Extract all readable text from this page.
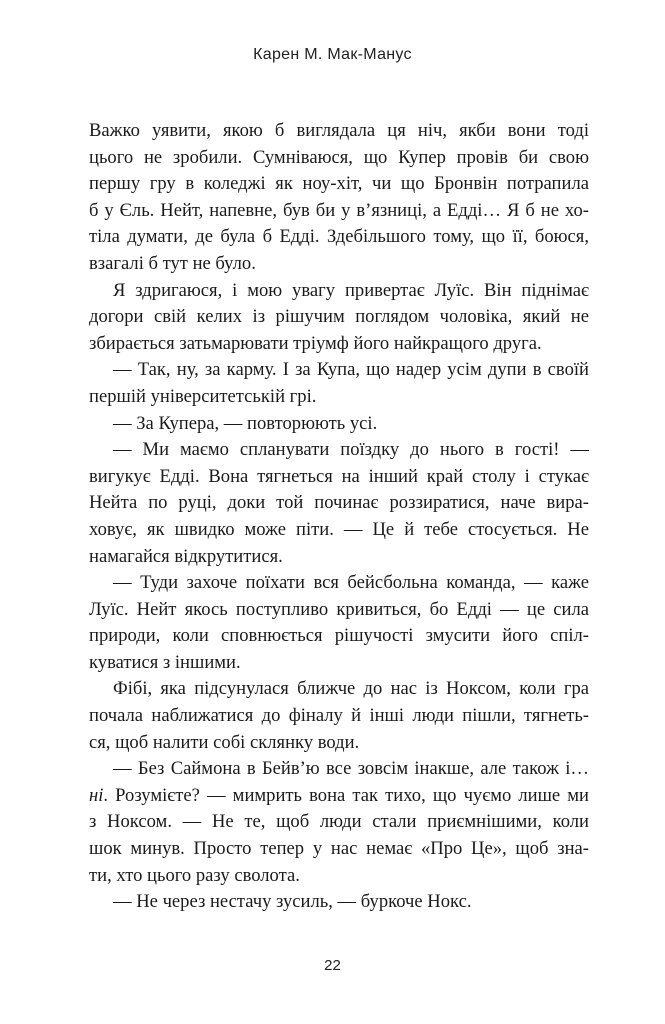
Карен М. Мак-Манус
Важко уявити, якою б виглядала ця ніч, якби вони тоді
цього не зробили. Сумніваюся, що Купер провів би свою
першу гру в коледжі як ноу-хіт, чи що Бронвін потрапила
б у Єль. Нейт, напевне, був би у в’язниці, а Едді… Я б не хо-
тіла думати, де була б Едді. Здебільшого тому, що її, боюся,
взагалі б тут не було.
Я здригаюся, і мою увагу привертає Луїс. Він піднімає
догори свій келих із рішучим поглядом чоловіка, який не
збирається затьмарювати тріумф його найкращого друга.
— Так, ну, за карму. І за Купа, що надер усім дупи в своїй
першій університетській грі.
— За Купера, — повторюють усі.
— Ми маємо спланувати поїздку до нього в гості! —
вигукує Едді. Вона тягнеться на інший край столу і стукає
Нейта по руці, доки той починає роззиратися, наче вира-
ховує, як швидко може піти. — Це й тебе стосується. Не
намагайся відкрутитися.
— Туди захоче поїхати вся бейсбольна команда, — каже
Луїс. Нейт якось поступливо кривиться, бо Едді — це сила
природи, коли сповнюється рішучості змусити його спіл-
куватися з іншими.
Фібі, яка підсунулася ближче до нас із Ноксом, коли гра
почала наближатися до фіналу й інші люди пішли, тягнеть-
ся, щоб налити собі склянку води.
— Без Саймона в Бейв’ю все зовсім інакше, але також і…
ні. Розумієте? — мимрить вона так тихо, що чуємо лише ми
з Ноксом. — Не те, щоб люди стали приємнішими, коли
шок минув. Просто тепер у нас немає «Про Це», щоб зна-
ти, хто цього разу сволота.
— Не через нестачу зусиль, — буркоче Нокс.
22
